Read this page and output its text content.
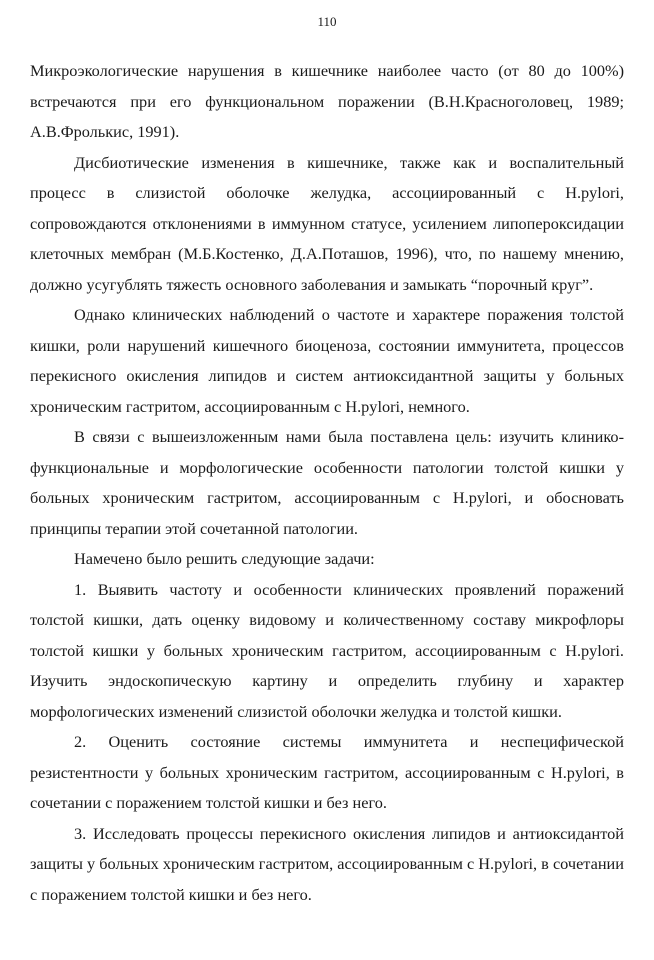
110

Микроэкологические нарушения в кишечнике наиболее часто (от 80 до 100%) встречаются при его функциональном поражении (В.Н.Красноголовец, 1989; А.В.Фролькис, 1991).

Дисбиотические изменения в кишечнике, также как и воспалительный процесс в слизистой оболочке желудка, ассоциированный с H.pylori, сопровождаются отклонениями в иммунном статусе, усилением липопероксидации клеточных мембран (М.Б.Костенко, Д.А.Поташов, 1996), что, по нашему мнению, должно усугублять тяжесть основного заболевания и замыкать “порочный круг”.

Однако клинических наблюдений о частоте и характере поражения толстой кишки, роли нарушений кишечного биоценоза, состоянии иммунитета, процессов перекисного окисления липидов и систем антиоксидантной защиты у больных хроническим гастритом, ассоциированным с H.pylori, немного.

В связи с вышеизложенным нами была поставлена цель: изучить клинико-функциональные и морфологические особенности патологии толстой кишки у больных хроническим гастритом, ассоциированным с H.pylori, и обосновать принципы терапии этой сочетанной патологии.

Намечено было решить следующие задачи:

1. Выявить частоту и особенности клинических проявлений поражений толстой кишки, дать оценку видовому и количественному составу микрофлоры толстой кишки у больных хроническим гастритом, ассоциированным с H.pylori. Изучить эндоскопическую картину и определить глубину и характер морфологических изменений слизистой оболочки желудка и толстой кишки.

2. Оценить состояние системы иммунитета и неспецифической резистентности у больных хроническим гастритом, ассоциированным с H.pylori, в сочетании с поражением толстой кишки и без него.

3. Исследовать процессы перекисного окисления липидов и антиоксидантой защиты у больных хроническим гастритом, ассоциированным с H.pylori, в сочетании с поражением толстой кишки и без него.
